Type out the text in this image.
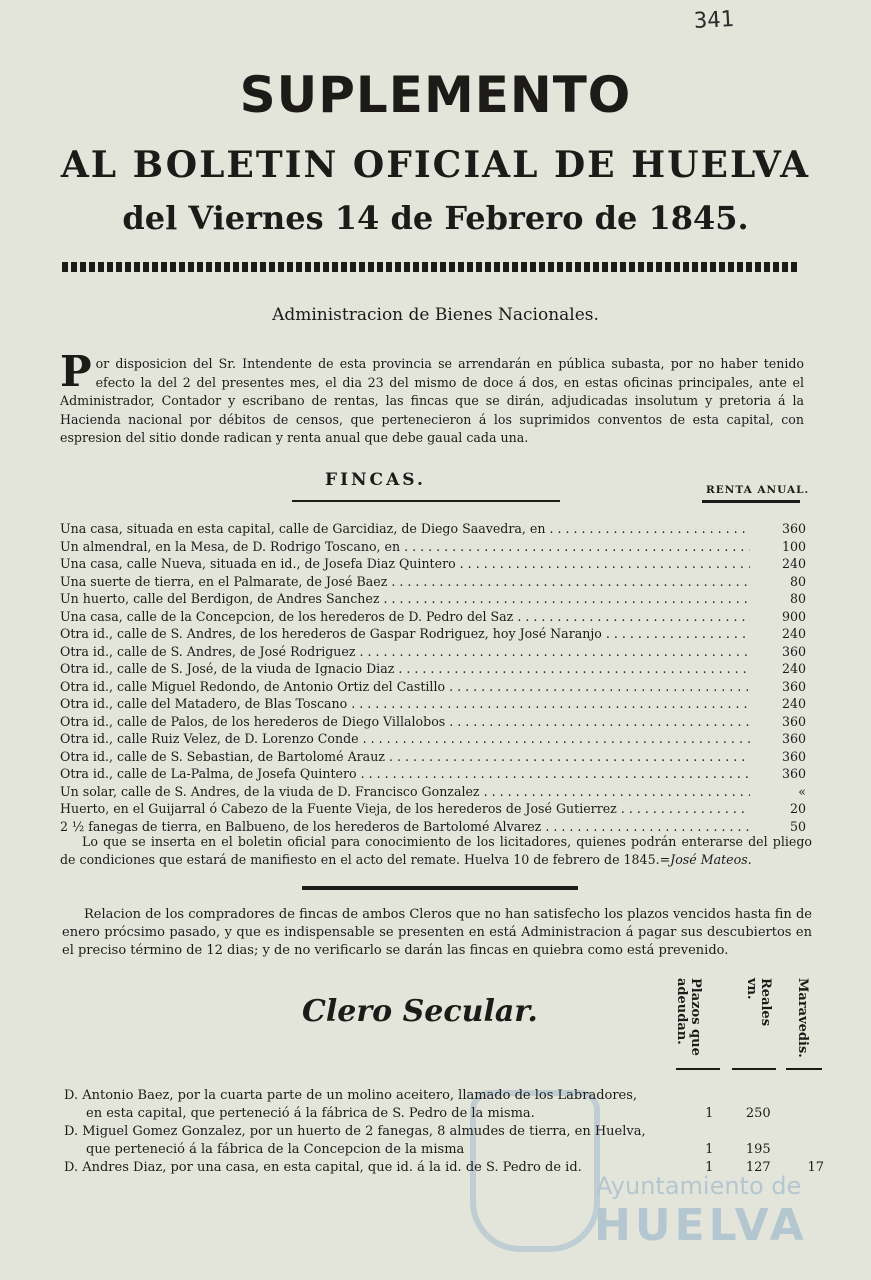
341
SUPLEMENTO
AL BOLETIN OFICIAL DE HUELVA
del Viernes 14 de Febrero de 1845.
Administracion de Bienes Nacionales.
P or disposicion del Sr. Intendente de esta provincia se arrendarán en pública subasta, por no haber tenido efecto la del 2 del presentes mes, el dia 23 del mismo de doce á dos, en estas oficinas principales, ante el Administrador, Contador y escribano de rentas, las fincas que se dirán, adjudicadas insolutum y pretoria á la Hacienda nacional por débitos de censos, que pertenecieron á los suprimidos conventos de esta capital, con espresion del sitio donde radican y renta anual que debe gaual cada una.
FINCAS.	RENTA ANUAL.
Una casa, situada en esta capital, calle de Garcidiaz, de Diego Saavedra, en . . .	360
Un almendral, en la Mesa, de D. Rodrigo Toscano, en . . .	100
Una casa, calle Nueva, situada en id., de Josefa Diaz Quintero . . .	240
Una suerte de tierra, en el Palmarate, de José Baez . . .	80
Un huerto, calle del Berdigon, de Andres Sanchez . . .	80
Una casa, calle de la Concepcion, de los herederos de D. Pedro del Saz . . .	900
Otra id., calle de S. Andres, de los herederos de Gaspar Rodriguez, hoy José Naranjo . . .	240
Otra id., calle de S. Andres, de José Rodriguez . . .	360
Otra id., calle de S. José, de la viuda de Ignacio Diaz . . .	240
Otra id., calle Miguel Redondo, de Antonio Ortiz del Castillo . . .	360
Otra id., calle del Matadero, de Blas Toscano . . .	240
Otra id., calle de Palos, de los herederos de Diego Villalobos . . .	360
Otra id., calle Ruiz Velez, de D. Lorenzo Conde . . .	360
Otra id., calle de S. Sebastian, de Bartolomé Arauz . . .	360
Otra id., calle de La-Palma, de Josefa Quintero . . .	360
Un solar, calle de S. Andres, de la viuda de D. Francisco Gonzalez . . .	«
Huerto, en el Guijarral ó Cabezo de la Fuente Vieja, de los herederos de José Gutierrez . . .	20
2 ½ fanegas de tierra, en Balbueno, de los herederos de Bartolomé Alvarez . . .	50
Lo que se inserta en el boletin oficial para conocimiento de los licitadores, quienes podrán enterarse del pliego de condiciones que estará de manifiesto en el acto del remate. Huelva 10 de febrero de 1845.=José Mateos.
Relacion de los compradores de fincas de ambos Cleros que no han satisfecho los plazos vencidos hasta fin de enero prócsimo pasado, y que es indispensable se presenten en está Administracion á pagar sus descubiertos en el preciso término de 12 dias; y de no verificarlo se darán las fincas en quiebra como está prevenido.
Clero Secular.	Plazos que adeudan.	Reales vn.	Maravedis.
Ayuntamiento de
HUELVA
D. Antonio Baez, por la cuarta parte de un molino aceitero, llamado de los Labradores,
en esta capital, que perteneció á la fábrica de S. Pedro de la misma.	1	250
D. Miguel Gomez Gonzalez, por un huerto de 2 fanegas, 8 almudes de tierra, en Huelva,
que perteneció á la fábrica de la Concepcion de la misma	1	195
D. Andres Diaz, por una casa, en esta capital, que id. á la id. de S. Pedro de id.	1	127	17
